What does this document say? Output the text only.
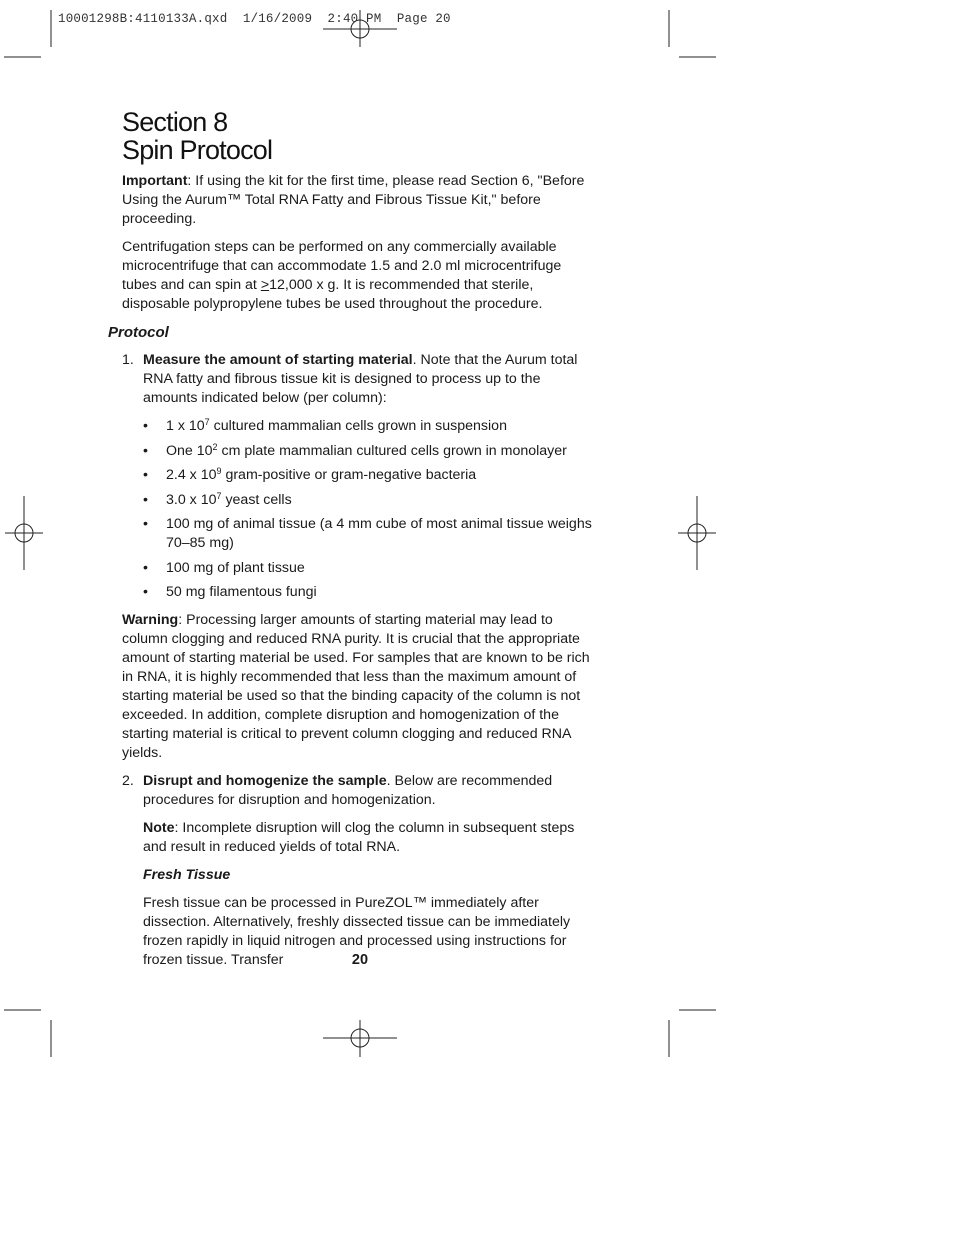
10001298B:4110133A.qxd  1/16/2009  2:40 PM  Page 20
Section 8
Spin Protocol

Important: If using the kit for the first time, please read Section 6, "Before Using the Aurum™ Total RNA Fatty and Fibrous Tissue Kit," before proceeding.

Centrifugation steps can be performed on any commercially available microcentrifuge that can accommodate 1.5 and 2.0 ml microcentrifuge tubes and can spin at ≥12,000 x g. It is recommended that sterile, disposable polypropylene tubes be used throughout the procedure.

Protocol
1. Measure the amount of starting material. Note that the Aurum total RNA fatty and fibrous tissue kit is designed to process up to the amounts indicated below (per column):

• 1 x $10^7$ cultured mammalian cells grown in suspension
• One $10^2$ cm plate mammalian cultured cells grown in monolayer
• 2.4 x $10^9$ gram-positive or gram-negative bacteria
• 3.0 x $10^7$ yeast cells
• 100 mg of animal tissue (a 4 mm cube of most animal tissue weighs 70–85 mg)
• 100 mg of plant tissue
• 50 mg filamentous fungi

Warning: Processing larger amounts of starting material may lead to column clogging and reduced RNA purity. It is crucial that the appropriate amount of starting material be used. For samples that are known to be rich in RNA, it is highly recommended that less than the maximum amount of starting material be used so that the binding capacity of the column is not exceeded. In addition, complete disruption and homogenization of the starting material is critical to prevent column clogging and reduced RNA yields.

2. Disrupt and homogenize the sample. Below are recommended procedures for disruption and homogenization.

Note: Incomplete disruption will clog the column in subsequent steps and result in reduced yields of total RNA.

Fresh Tissue

Fresh tissue can be processed in PureZOL™ immediately after dissection. Alternatively, freshly dissected tissue can be immediately frozen rapidly in liquid nitrogen and processed using instructions for frozen tissue. Transfer	20
